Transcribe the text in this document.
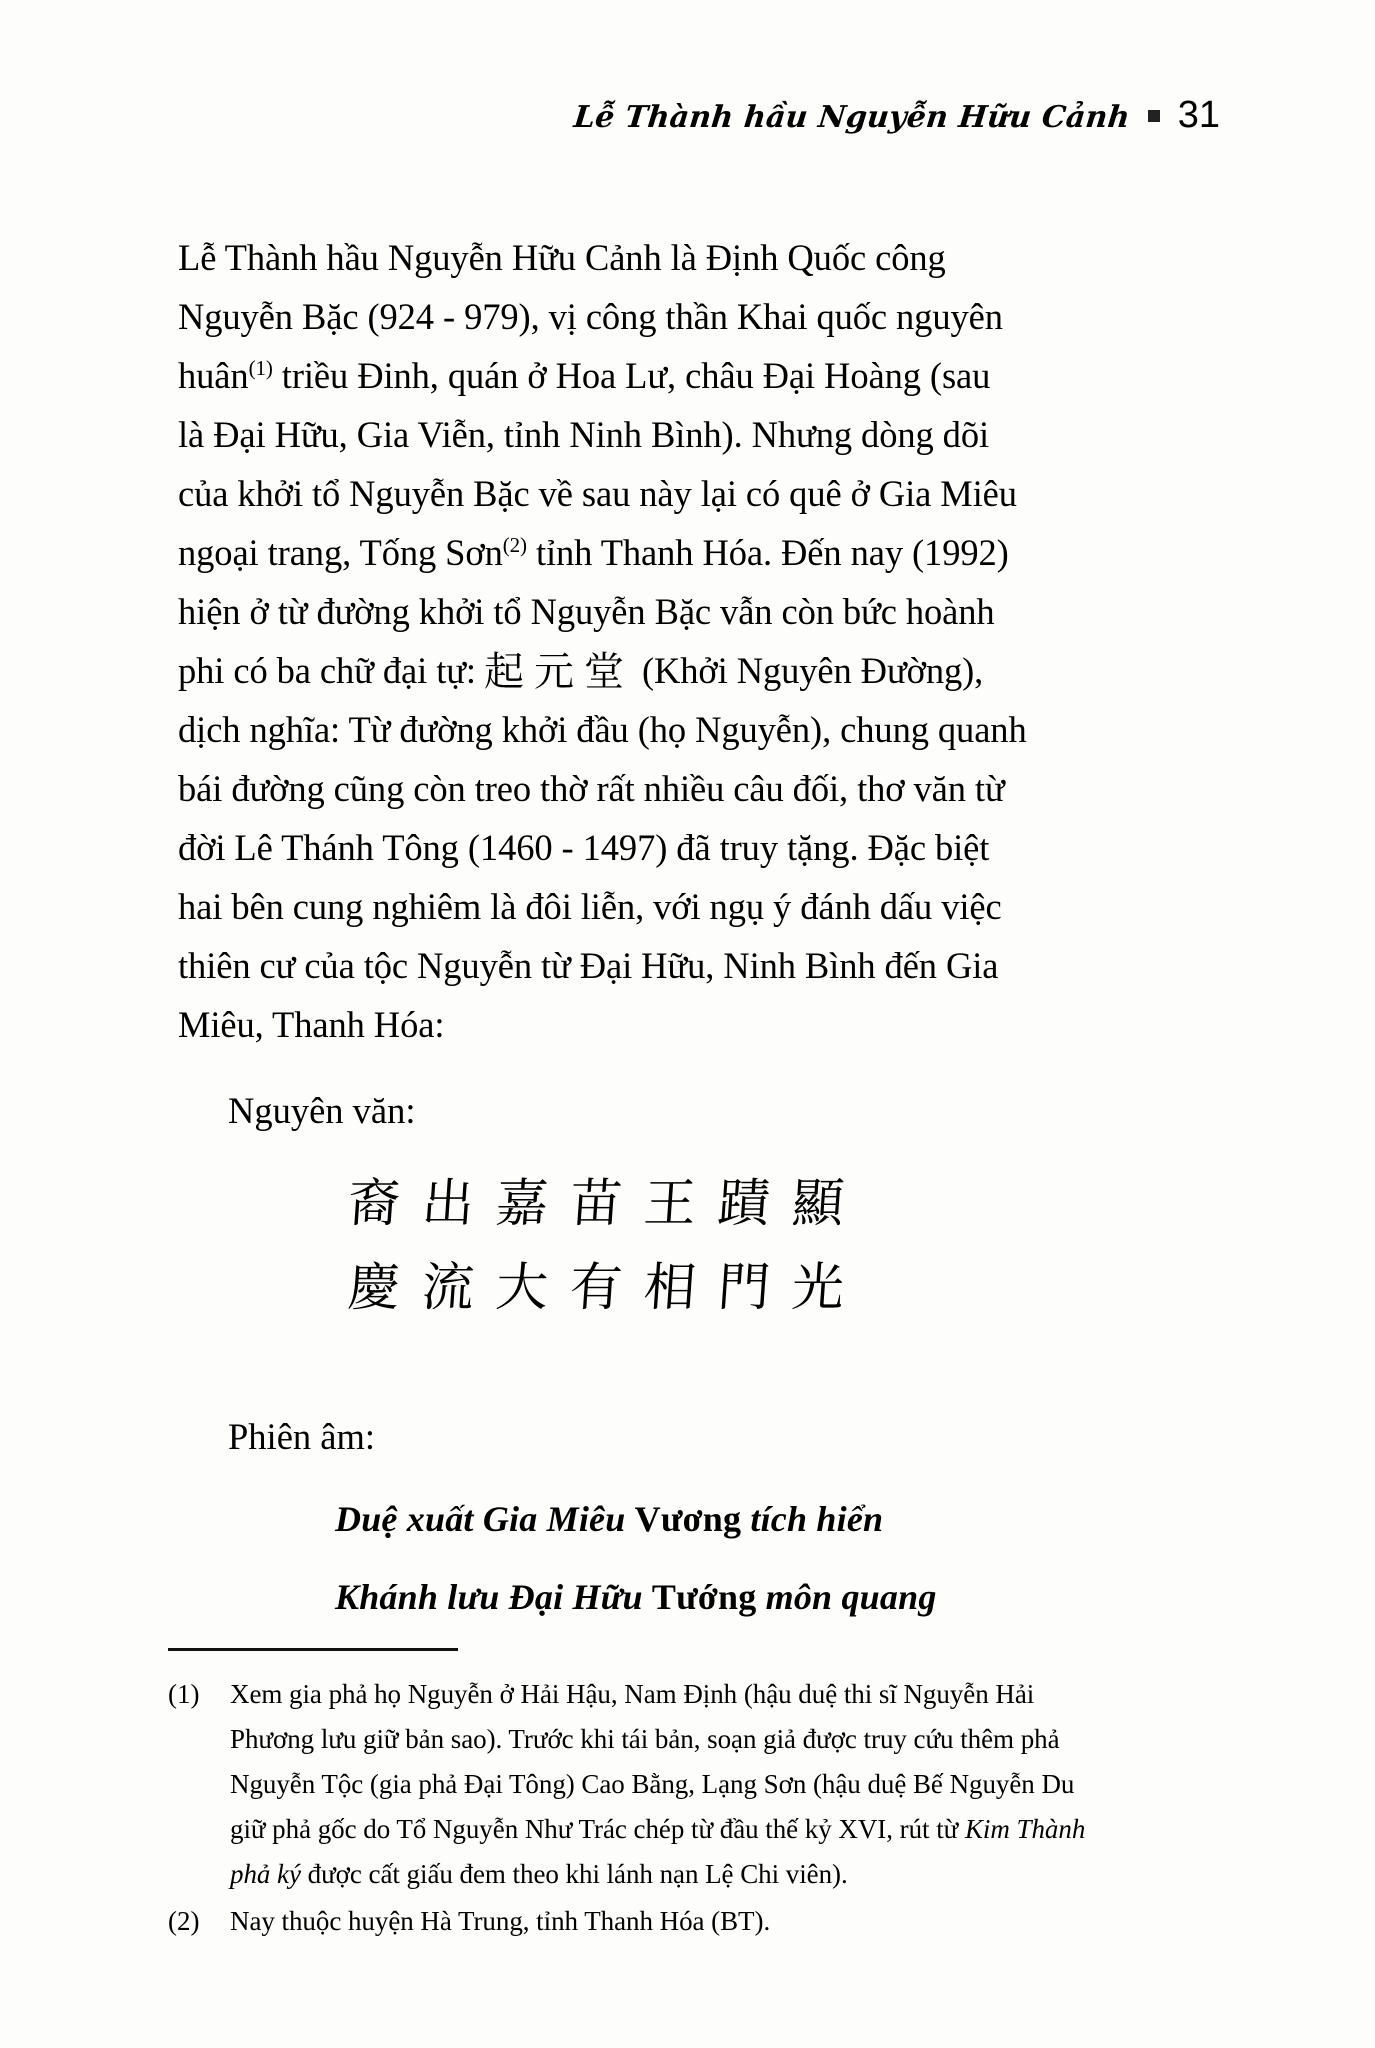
Lễ Thành hầu Nguyễn Hữu Cảnh 31
Lễ Thành hầu Nguyễn Hữu Cảnh là Định Quốc công
Nguyễn Bặc (924 - 979), vị công thần Khai quốc nguyên
huân$^{(1)}$ triều Đinh, quán ở Hoa Lư, châu Đại Hoàng (sau
là Đại Hữu, Gia Viễn, tỉnh Ninh Bình). Nhưng dòng dõi
của khởi tổ Nguyễn Bặc về sau này lại có quê ở Gia Miêu
ngoại trang, Tống Sơn$^{(2)}$ tỉnh Thanh Hóa. Đến nay (1992)
hiện ở từ đường khởi tổ Nguyễn Bặc vẫn còn bức hoành
phi có ba chữ đại tự: 起元堂 (Khởi Nguyên Đường),
dịch nghĩa: Từ đường khởi đầu (họ Nguyễn), chung quanh
bái đường cũng còn treo thờ rất nhiều câu đối, thơ văn từ
đời Lê Thánh Tông (1460 - 1497) đã truy tặng. Đặc biệt
hai bên cung nghiêm là đôi liễn, với ngụ ý đánh dấu việc
thiên cư của tộc Nguyễn từ Đại Hữu, Ninh Bình đến Gia
Miêu, Thanh Hóa:
Nguyên văn:
裔出嘉苗王蹟顯
慶流大有相門光
Phiên âm:
Duệ xuất Gia Miêu Vương tích hiển
Khánh lưu Đại Hữu Tướng môn quang
(1)	Xem gia phả họ Nguyễn ở Hải Hậu, Nam Định (hậu duệ thi sĩ Nguyễn Hải
Phương lưu giữ bản sao). Trước khi tái bản, soạn giả được truy cứu thêm phả
Nguyễn Tộc (gia phả Đại Tông) Cao Bằng, Lạng Sơn (hậu duệ Bế Nguyễn Du
giữ phả gốc do Tổ Nguyễn Như Trác chép từ đầu thế kỷ XVI, rút từ Kim Thành
phả ký được cất giấu đem theo khi lánh nạn Lệ Chi viên).
(2)	Nay thuộc huyện Hà Trung, tỉnh Thanh Hóa (BT).
